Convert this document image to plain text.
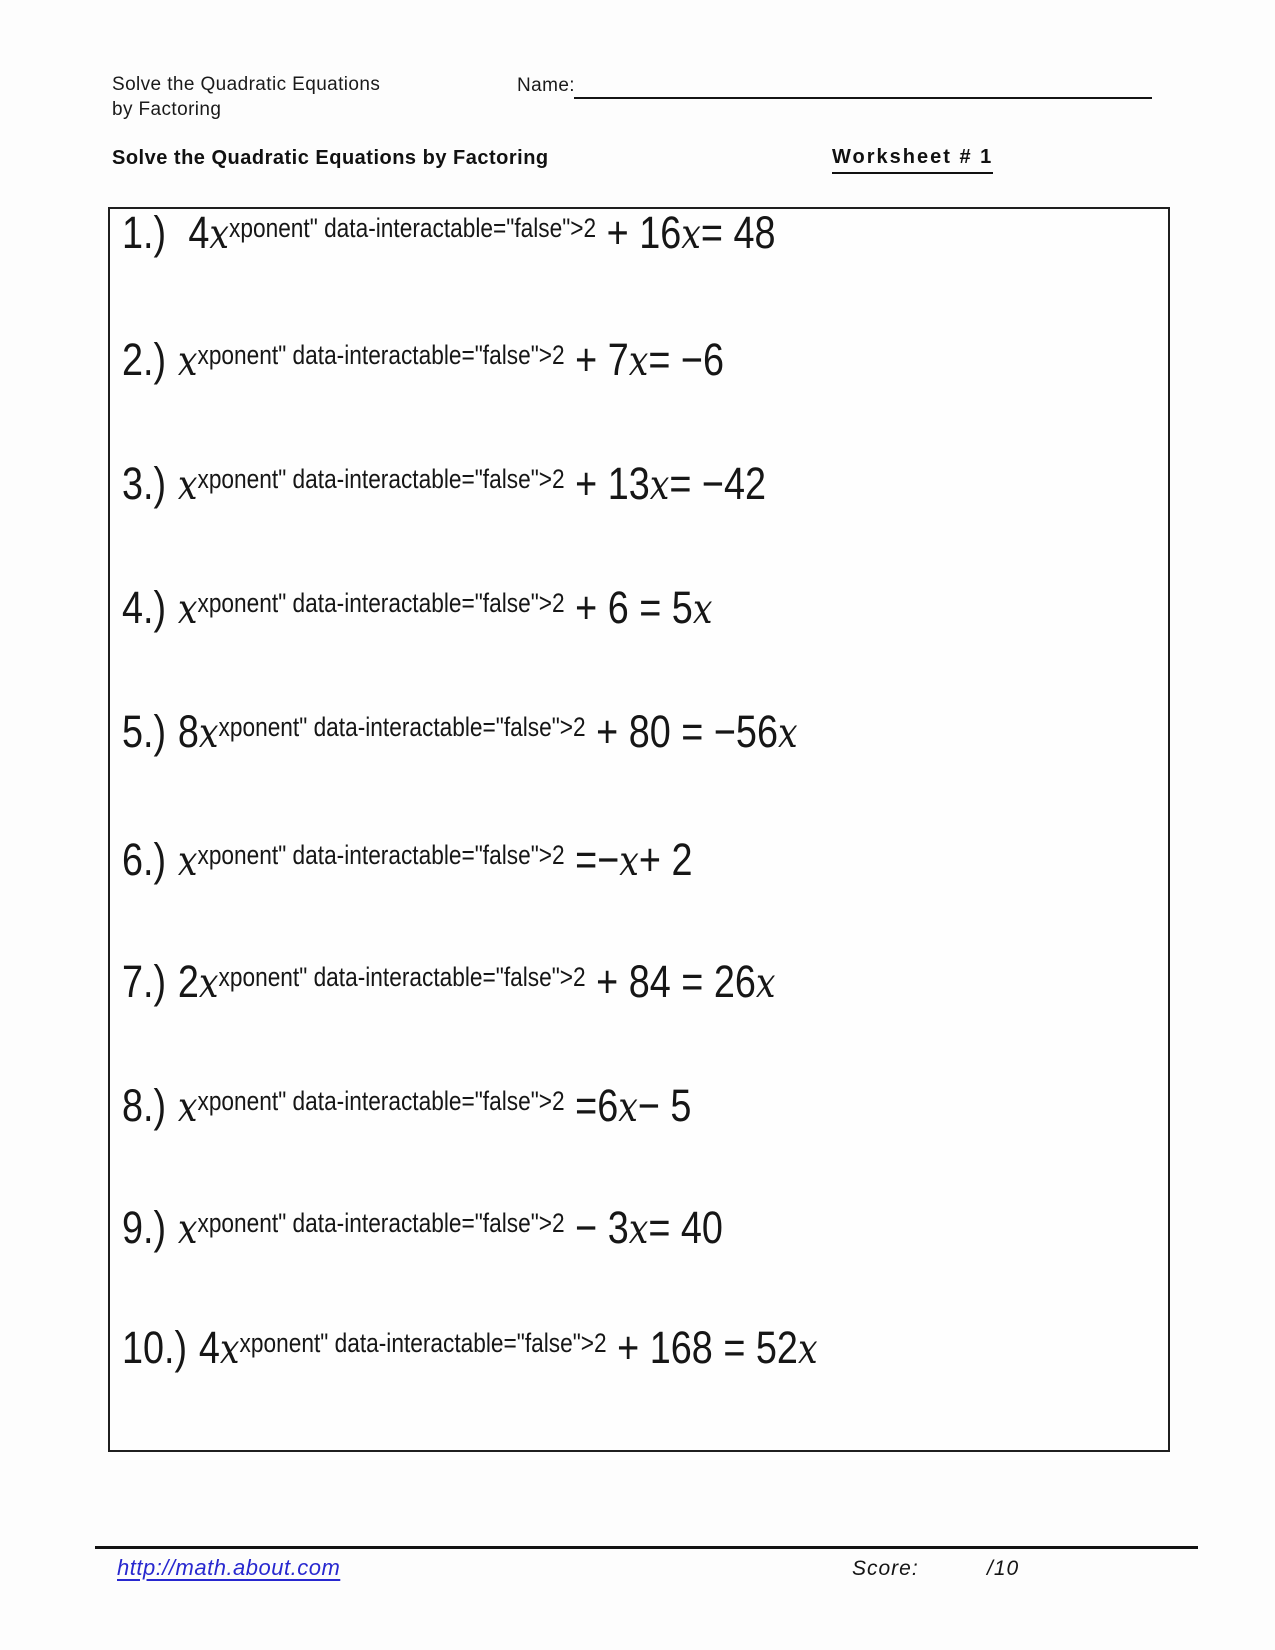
Solve the Quadratic Equations
by Factoring
Name:
Solve the Quadratic Equations by Factoring	Worksheet # 1
1.) $4x^{xponent" data-interactable="false">2} + 16x= 48$
2.) $x^{xponent" data-interactable="false">2} + 7x= -6$
3.) $x^{xponent" data-interactable="false">2} + 13x= -42$
4.) $x^{xponent" data-interactable="false">2} + 6 = 5x$
5.) $8x^{xponent" data-interactable="false">2} + 80 = -56x$
6.) $x^{xponent" data-interactable="false">2} =-x+ 2$
7.) $2x^{xponent" data-interactable="false">2} + 84 = 26x$
8.) $x^{xponent" data-interactable="false">2} =6x- 5$
9.) $x^{xponent" data-interactable="false">2} - 3x= 40$
10.) $4x^{xponent" data-interactable="false">2} + 168 = 52x$
http://math.about.com	Score:	/10
